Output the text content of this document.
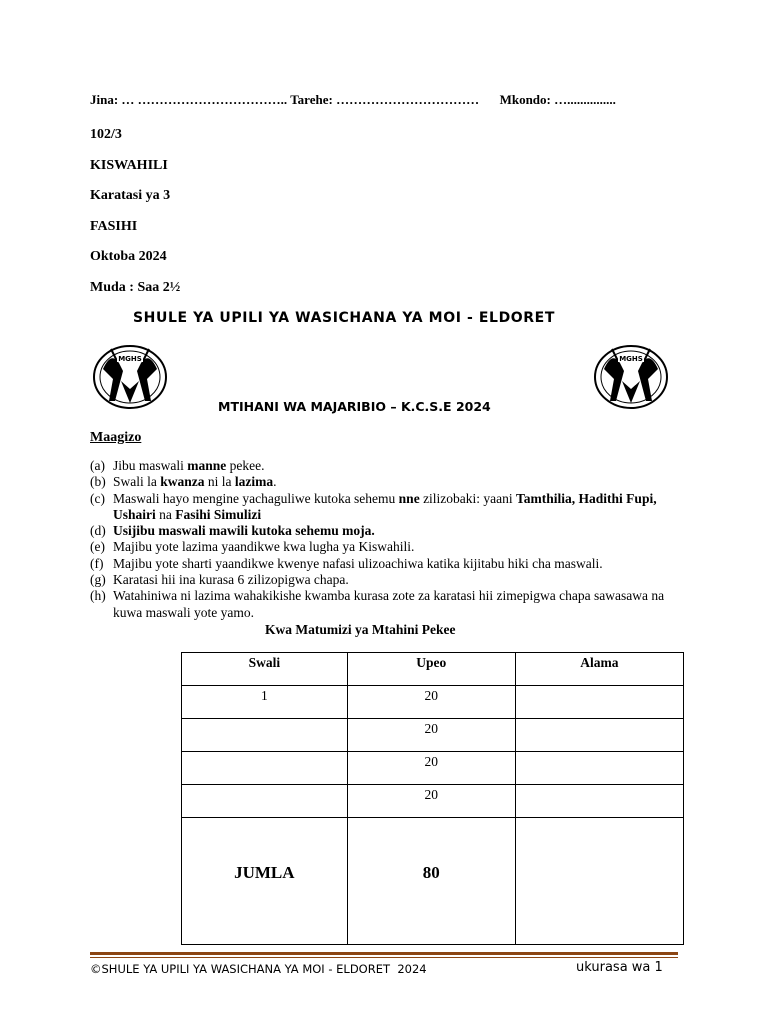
Jina: … …………………………….. Tarehe: …………………………… Mkondo: …...............
102/3
KISWAHILI
Karatasi ya 3
FASIHI
Oktoba 2024
Muda : Saa 2½
SHULE YA UPILI YA WASICHANA YA MOI - ELDORET
MGHS	MGHS
MTIHANI WA MAJARIBIO – K.C.S.E 2024
Maagizo
(a) Jibu maswali manne pekee.
(b) Swali la kwanza ni la lazima.
(c) Maswali hayo mengine yachaguliwe kutoka sehemu nne zilizobaki: yaani Tamthilia, Hadithi Fupi, Ushairi na Fasihi Simulizi
(d) Usijibu maswali mawili kutoka sehemu moja.
(e) Majibu yote lazima yaandikwe kwa lugha ya Kiswahili.
(f) Majibu yote sharti yaandikwe kwenye nafasi ulizoachiwa katika kijitabu hiki cha maswali.
(g) Karatasi hii ina kurasa 6 zilizopigwa chapa.
(h) Watahiniwa ni lazima wahakikishe kwamba kurasa zote za karatasi hii zimepigwa chapa sawasawa na kuwa maswali yote yamo.
Kwa Matumizi ya Mtahini Pekee
Swali	Upeo	Alama
1	20	
	20	
	20	
	20	
JUMLA	80	
©SHULE YA UPILI YA WASICHANA YA MOI - ELDORET  2024	ukurasa wa 1
